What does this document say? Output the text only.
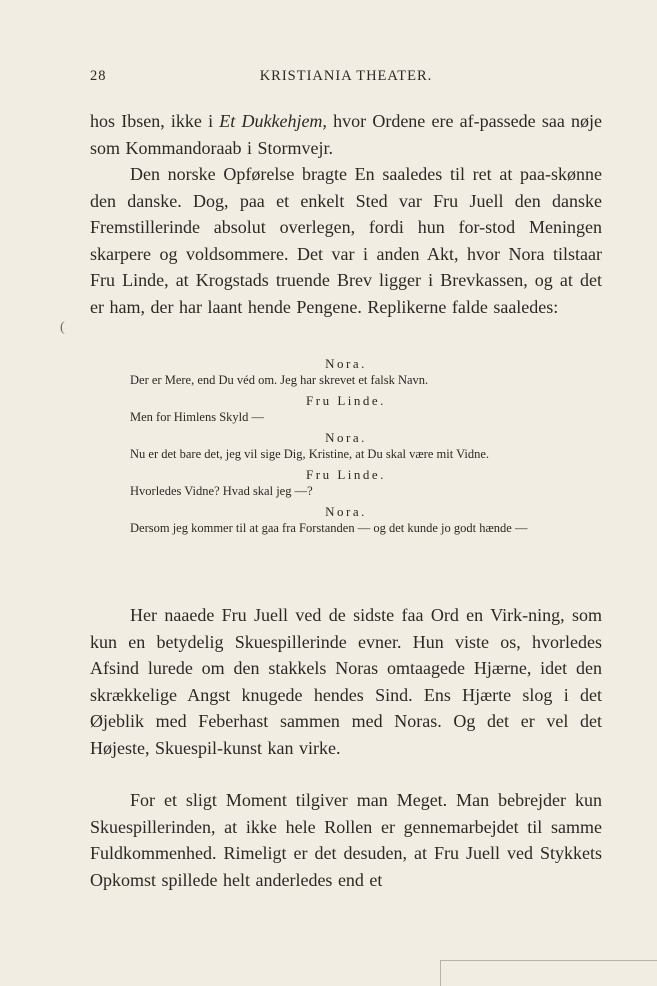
28	KRISTIANIA THEATER.

hos Ibsen, ikke i Et Dukkehjem, hvor Ordene ere af-passede saa nøje som Kommandoraab i Stormvejr.

Den norske Opførelse bragte En saaledes til ret at paa-skønne den danske. Dog, paa et enkelt Sted var Fru Juell den danske Fremstillerinde absolut overlegen, fordi hun for-stod Meningen skarpere og voldsommere. Det var i anden Akt, hvor Nora tilstaar Fru Linde, at Krogstads truende Brev ligger i Brevkassen, og at det er ham, der har laant hende Pengene. Replikerne falde saaledes:

(
Nora.

Der er Mere, end Du véd om. Jeg har skrevet et falsk Navn.

Fru Linde.

Men for Himlens Skyld —

Nora.

Nu er det bare det, jeg vil sige Dig, Kristine, at Du skal være mit Vidne.

Fru Linde.

Hvorledes Vidne? Hvad skal jeg —?

Nora.

Dersom jeg kommer til at gaa fra Forstanden — og det kunde jo godt hænde —

Her naaede Fru Juell ved de sidste faa Ord en Virk-ning, som kun en betydelig Skuespillerinde evner. Hun viste os, hvorledes Afsind lurede om den stakkels Noras omtaagede Hjærne, idet den skrækkelige Angst knugede hendes Sind. Ens Hjærte slog i det Øjeblik med Feberhast sammen med Noras. Og det er vel det Højeste, Skuespil-kunst kan virke.

For et sligt Moment tilgiver man Meget. Man bebrejder kun Skuespillerinden, at ikke hele Rollen er gennemarbejdet til samme Fuldkommenhed. Rimeligt er det desuden, at Fru Juell ved Stykkets Opkomst spillede helt anderledes end et
